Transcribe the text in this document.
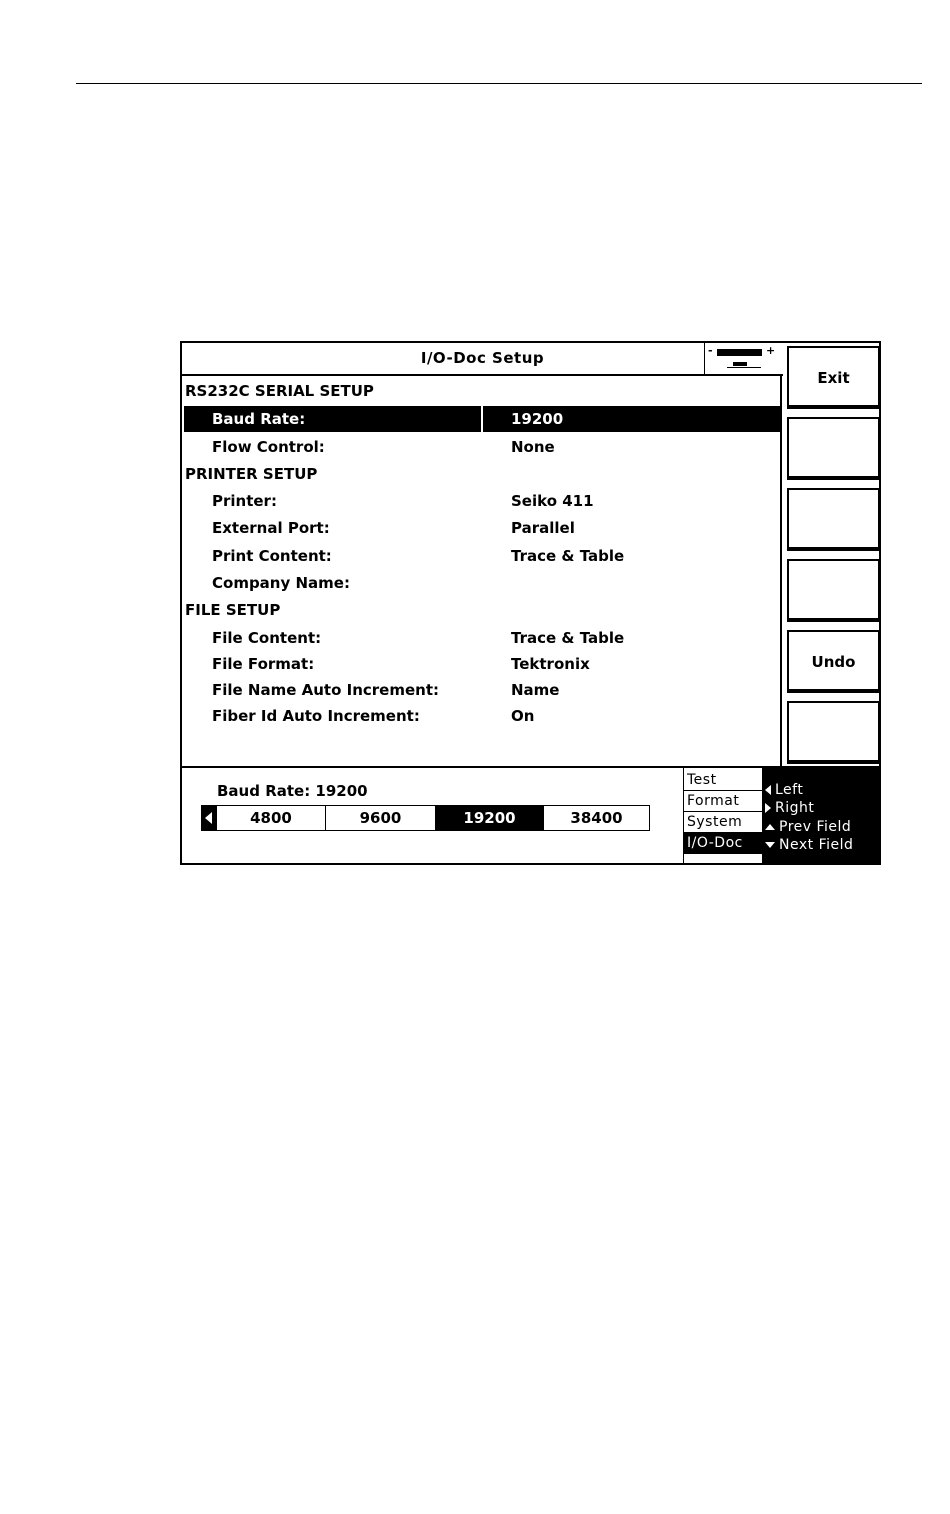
I/O-Doc Setup	-	+
RS232C SERIAL SETUP
Baud Rate:	19200
Flow Control:	None
PRINTER SETUP
Printer:	Seiko 411
External Port:	Parallel
Print Content:	Trace & Table
Company Name:
FILE SETUP
File Content:	Trace & Table
File Format:	Tektronix
File Name Auto Increment:	Name
Fiber Id Auto Increment:	On
Exit
Undo
Baud Rate: 19200
4800	9600	19200	38400
Test
Format
System
I/O-Doc
Left
Right
Prev Field
Next Field
